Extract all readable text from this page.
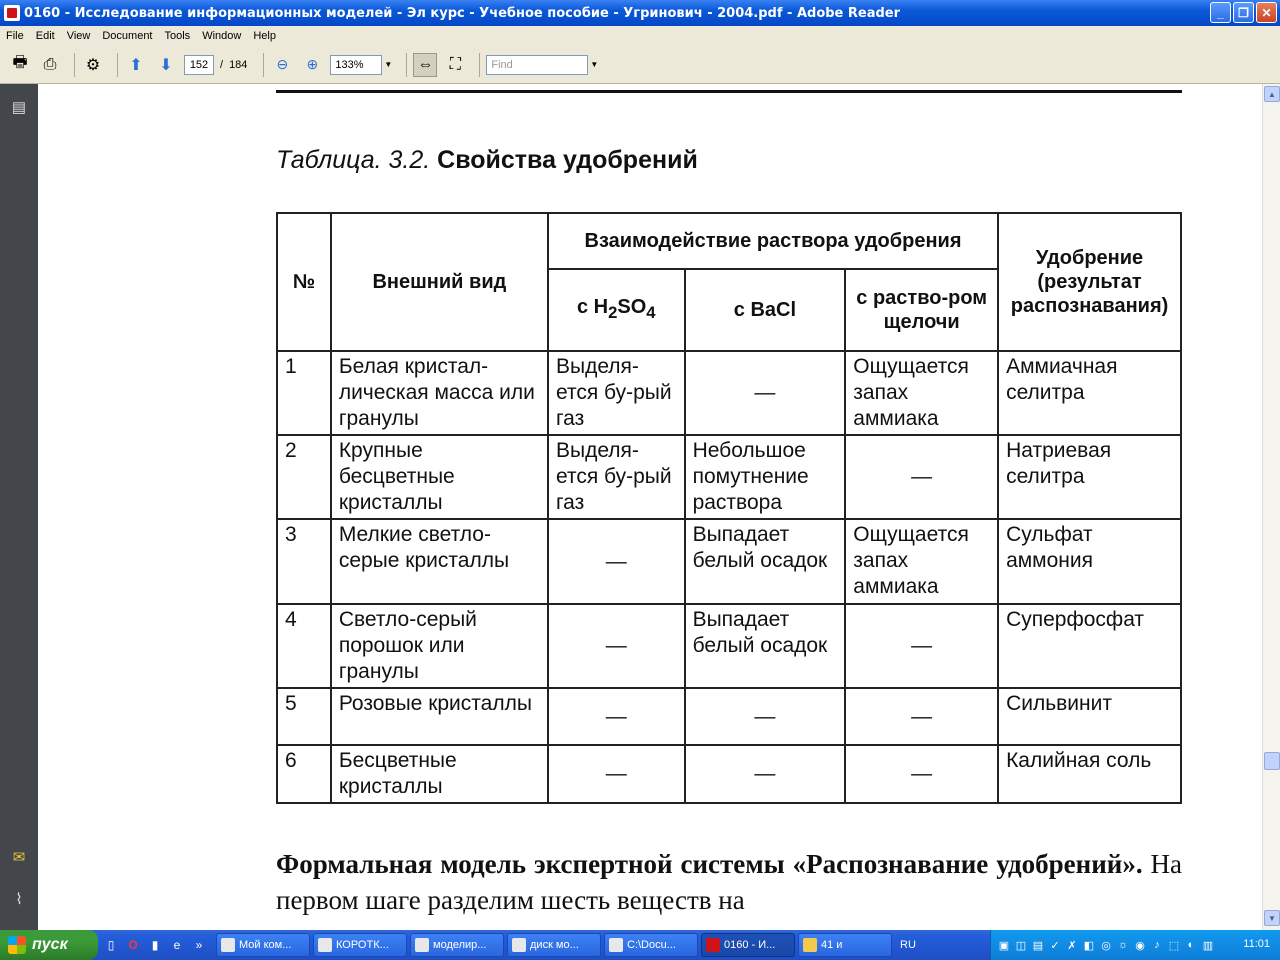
0160 - Исследование информационных моделей - Эл курс - Учебное пособие - Угринович - 2004.pdf - Adobe Reader	_	❐	✕
File	Edit	View	Document	Tools	Window	Help
🖶	⎙	⚙	⬆	⬇	152	/ 184	⊖	⊕	133%	▼ ⇔	⛶	Find	▼
▤
✉
⌇
Таблица. 3.2. Свойства удобрений
№	Внешний вид	Взаимодействие раствора удобрения			Удобрение (результат распознавания)
		с $H_2SO_4$	с BaCl	с раство-ром щелочи	
1	Белая кристал-лическая масса или гранулы	Выделя-ется бу-рый газ	—	Ощущается запах аммиака	Аммиачная селитра
2	Крупные бесцветные кристаллы	Выделя-ется бу-рый газ	Небольшое помутнение раствора	—	Натриевая селитра
3	Мелкие светло-серые кристаллы	—	Выпадает белый осадок	Ощущается запах аммиака	Сульфат аммония
4	Светло-серый порошок или гранулы	—	Выпадает белый осадок	—	Суперфосфат
5	Розовые кристаллы	—	—	—	Сильвинит
6	Бесцветные кристаллы	—	—	—	Калийная соль
Формальная модель экспертной системы «Распознавание удобрений». На первом шаге разделим шесть веществ на
▲
▼
пуск	▯	O	▮	e	»	Мой ком...	КОРОТК...	моделир...	диск мо...	C:\Docu...	0160 - И...	41 и	RU	▣ ◫ ▤ ✓ ✗ ◧ ◎ ☼ ◉ ♪ ⬚ ◐ ▥	11:01
